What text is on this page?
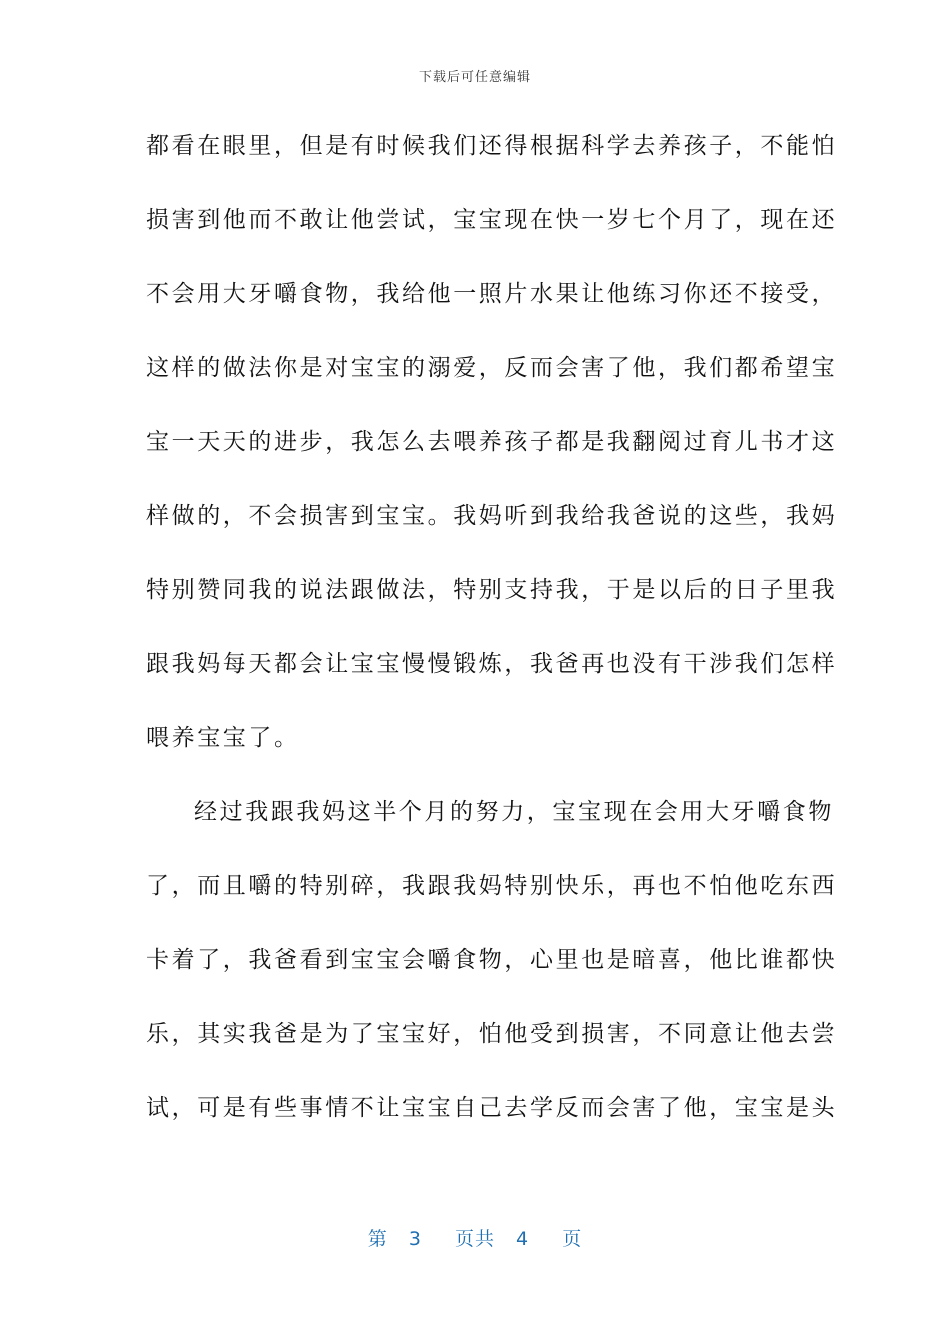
下载后可任意编辑
都看在眼里，但是有时候我们还得根据科学去养孩子，不能怕
损害到他而不敢让他尝试，宝宝现在快一岁七个月了，现在还
不会用大牙嚼食物，我给他一照片水果让他练习你还不接受，
这样的做法你是对宝宝的溺爱，反而会害了他，我们都希望宝
宝一天天的进步，我怎么去喂养孩子都是我翻阅过育儿书才这
样做的，不会损害到宝宝。我妈听到我给我爸说的这些，我妈
特别赞同我的说法跟做法，特别支持我，于是以后的日子里我
跟我妈每天都会让宝宝慢慢锻炼，我爸再也没有干涉我们怎样
喂养宝宝了。
经过我跟我妈这半个月的努力，宝宝现在会用大牙嚼食物
了，而且嚼的特别碎，我跟我妈特别快乐，再也不怕他吃东西
卡着了，我爸看到宝宝会嚼食物，心里也是暗喜，他比谁都快
乐，其实我爸是为了宝宝好，怕他受到损害，不同意让他去尝
试，可是有些事情不让宝宝自己去学反而会害了他，宝宝是头
第 3 页共 4 页
